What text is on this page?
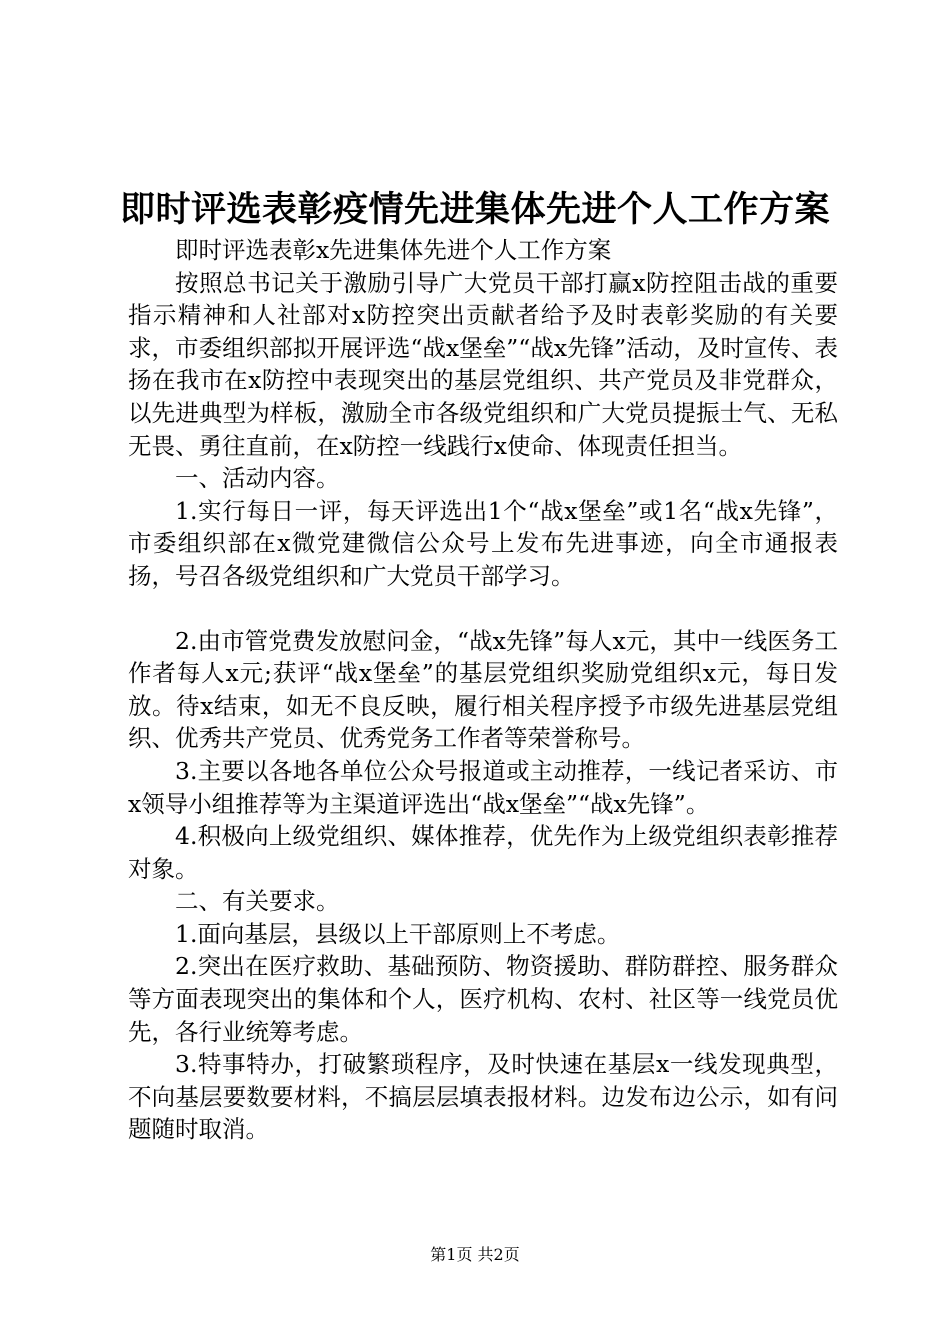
即时评选表彰疫情先进集体先进个人工作方案

即时评选表彰x先进集体先进个人工作方案

按照总书记关于激励引导广大党员干部打赢x防控阻击战的重要指示精神和人社部对x防控突出贡献者给予及时表彰奖励的有关要求，市委组织部拟开展评选“战x堡垒”“战x先锋”活动，及时宣传、表扬在我市在x防控中表现突出的基层党组织、共产党员及非党群众，以先进典型为样板，激励全市各级党组织和广大党员提振士气、无私无畏、勇往直前，在x防控一线践行x使命、体现责任担当。

一、活动内容。

1.实行每日一评，每天评选出1个“战x堡垒”或1名“战x先锋”，市委组织部在x微党建微信公众号上发布先进事迹，向全市通报表扬，号召各级党组织和广大党员干部学习。

2.由市管党费发放慰问金，“战x先锋”每人x元，其中一线医务工作者每人x元;获评“战x堡垒”的基层党组织奖励党组织x元，每日发放。待x结束，如无不良反映，履行相关程序授予市级先进基层党组织、优秀共产党员、优秀党务工作者等荣誉称号。

3.主要以各地各单位公众号报道或主动推荐，一线记者采访、市x领导小组推荐等为主渠道评选出“战x堡垒”“战x先锋”。

4.积极向上级党组织、媒体推荐，优先作为上级党组织表彰推荐对象。

二、有关要求。

1.面向基层，县级以上干部原则上不考虑。

2.突出在医疗救助、基础预防、物资援助、群防群控、服务群众等方面表现突出的集体和个人，医疗机构、农村、社区等一线党员优先，各行业统筹考虑。

3.特事特办，打破繁琐程序，及时快速在基层x一线发现典型，不向基层要数要材料，不搞层层填表报材料。边发布边公示，如有问题随时取消。

第1页 共2页
